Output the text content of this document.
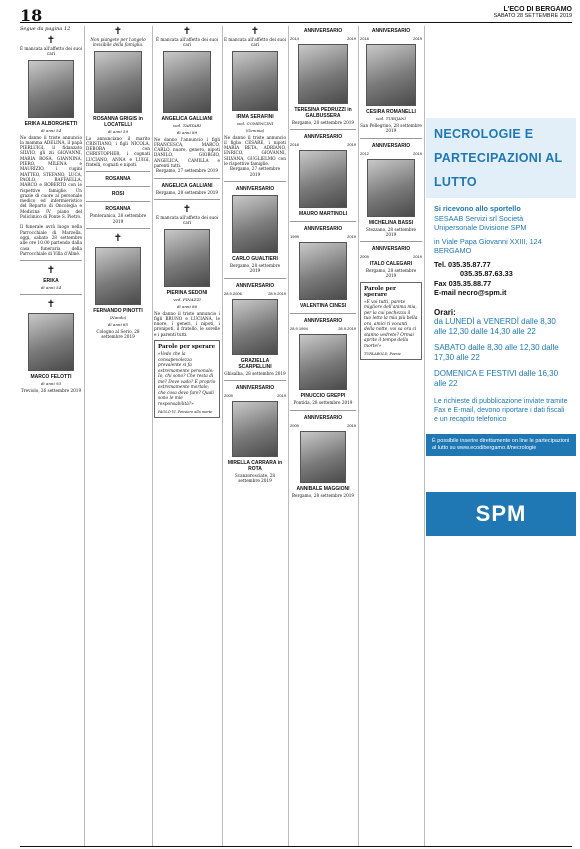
18	L'ECO DI BERGAMO
SABATO 28 SETTEMBRE 2019
Segue da pagina 12
✝
È mancata all'affetto dei suoi cari
ERIKA ALBORGHETTI
di anni 54
Ne danno il triste annuncio la mamma ADELINA, il papà PIERLUIGI, il fidanzato SILVIO, gli zii GIOVANNI, MARIA ROSA, GIANNINA, PIERO, MILENA e MAURIZIO, i cugini MATTEO, STEFANO, LUCA, PAOLO, RAFFAELLA, MARCO e ROBERTO con le rispettive famiglie. Un grazie di cuore al personale medico ed infermieristico del Reparto di Oncologia e Medicina IV piano del Policlinico di Ponte S. Pietro.
Il funerale avrà luogo nella Parrocchiale di Marzella, oggi, sabato 28 settembre alle ore 10.00 partendo dalla casa funeraria della Parrocchiale di Villa d'Almè.
✝
ERIKA
di anni 54
✝
MARCO FELOTTI
di anni 93
Treviolo, 26 settembre 2019
✝
Non piangete per l'angelo invisibile della famiglia.
ROSANNA GRIGIS in LOCATELLI
di anni 59
Lo annunciano il marito CRISTIANO, i figli NICOLA, DEBORA con CHRISTOPHER, i cognati LUCIANO, ANNA e LUIGI, fratelli, cognati e nipoti.
ROSANNA
ROSI
ROSANNA
Ponteranica, 28 settembre 2019
✝
FERNANDO PINOTTI
(Nando)
di anni 85
Cologno al Serio, 28 settembre 2019
✝
È mancata all'affetto dei suoi cari
ANGELICA GALLIANI
ved. TARTARI
di anni 89
Ne danno l'annuncio i figli FRANCESCA, MARCO, CARLO, nuore, genero, nipoti DANILO, GIORGIO, ANGELICA, CAMILLA e parenti tutti.
Bergamo, 27 settembre 2019
ANGELICA GALLIANI
Bergamo, 28 settembre 2019
✝
È mancata all'affetto dei suoi cari
PIERINA SEDONI
ved. FINAZZI
di anni 86
Ne danno il triste annuncio i figli BRUNO e LUCIANA, le nuore, i generi, i nipoti, i pronipoti, il fratello, le sorelle e i parenti tutti.
Parole per sperare
«Vedo che la consapevolezza prevalente si fa estremamente personale: Io, chi sono? Che resta di me? Dove vado? È proprio estremamente mortale; che cosa devo fare? Quali sono le mie responsabilità?»
PAOLO VI, Pensiero alla morte
✝
È mancata all'affetto dei suoi cari
IRMA SERAFINI
ved. COMENCINI
(Gemma)
Ne danno il triste annuncio il figlio CESARE, i nipoti MARIA BETA, ADRIANO, ENRICO, GIOVANNI, SILVANA, GUGLIELMO con le rispettive famiglie.
Bergamo, 27 settembre 2019
ANNIVERSARIO
CARLO GUALTIERI
Bergamo, 28 settembre 2019
ANNIVERSARIO
28.9.2006	28.9.2019
GRAZIELLA SCARPELLINI
Ghisalba, 28 settembre 2019
ANNIVERSARIO
2009	2019
MIRELLA CARRARA in ROTA
Scanzorosciate, 28 settembre 2019
ANNIVERSARIO
2014	2019
TERESINA PEDRUZZI in GALBUSSERA
Bergamo, 28 settembre 2019
ANNIVERSARIO
2018	2019
MAURO MARTINOLI
ANNIVERSARIO
1999	2019
VALENTINA CINESI
ANNIVERSARIO
28.9.1994	28.9.2019
PINUCCIO GREPPI
Pontida, 28 settembre 2019
ANNIVERSARIO
2009	2019
ANNIBALE MAGGIONI
Bergamo, 28 settembre 2019
ANNIVERSARIO
2018	2019
CESIRA ROMANELLI
ved. TURIJANI
San Pellegrino, 28 settembre 2019
ANNIVERSARIO
2012	2019
MICHELINA BASSI
Stezzano, 28 settembre 2019
ANNIVERSARIO
2009	2019
ITALO CALEGARI
Bergamo, 28 settembre 2019
Parole per sperare
«E voi tutti, parete migliore dell'anima mia, per la cui pochezza il tuo letto la mia più bella ora, amici ti vocanti della notte, voi sa ora ci stanno vedrete? Ormai aprite il tempo della morte!»
TURLAROLD, Poesie
NECROLOGIE E PARTECIPAZIONI AL LUTTO
Si ricevono allo sportello
SESAAB Servizi srl Società Unipersonale Divisione SPM
in Viale Papa Giovanni XXIII, 124 BERGAMO
Tel. 035.35.87.77
035.35.87.63.33
Fax 035.35.88.77
E-mail necro@spm.it
Orari:
da LUNEDÌ a VENERDÌ dalle 8,30 alle 12,30 dalle 14,30 alle 22
SABATO dalle 8,30 alle 12,30 dalle 17,30 alle 22
DOMENICA E FESTIVI dalle 16,30 alle 22
Le richieste di pubblicazione inviate tramite Fax e E-mail, devono riportare i dati fiscali e un recapito telefonico
È possibile inserire direttamente on line le partecipazioni al lutto su www.ecodibergamo.it/necrologie
SPM
